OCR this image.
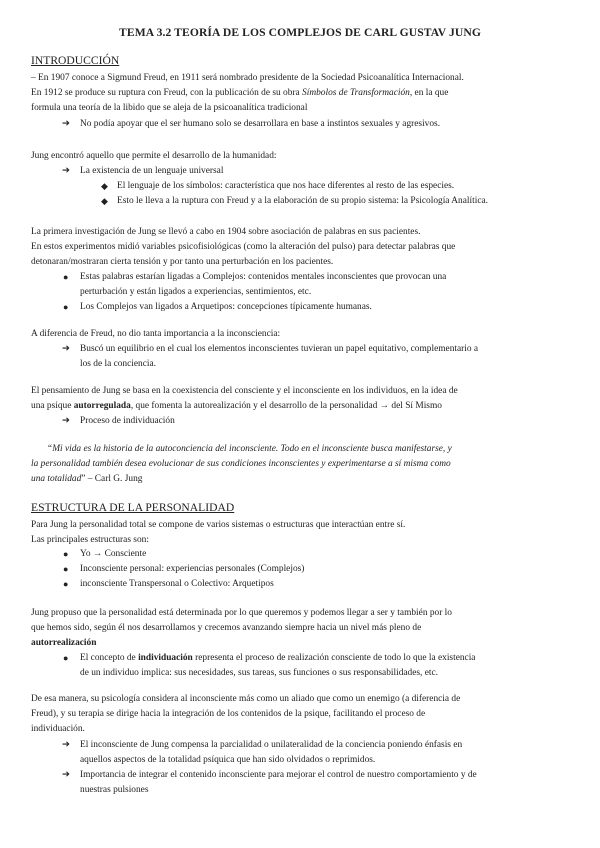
TEMA 3.2 TEORÍA DE LOS COMPLEJOS DE CARL GUSTAV JUNG
INTRODUCCIÓN
– En 1907 conoce a Sigmund Freud, en 1911 será nombrado presidente de la Sociedad Psicoanalítica Internacional.
En 1912 se produce su ruptura con Freud, con la publicación de su obra Símbolos de Transformación, en la que
formula una teoría de la libido que se aleja de la psicoanalítica tradicional
➔ No podía apoyar que el ser humano solo se desarrollara en base a instintos sexuales y agresivos.
Jung encontró aquello que permite el desarrollo de la humanidad:
➔ La existencia de un lenguaje universal
◆ El lenguaje de los símbolos: característica que nos hace diferentes al resto de las especies.
◆ Esto le lleva a la ruptura con Freud y a la elaboración de su propio sistema: la Psicología Analítica.
La primera investigación de Jung se llevó a cabo en 1904 sobre asociación de palabras en sus pacientes.
En estos experimentos midió variables psicofisiológicas (como la alteración del pulso) para detectar palabras que
detonaran/mostraran cierta tensión y por tanto una perturbación en los pacientes.
● Estas palabras estarían ligadas a Complejos: contenidos mentales inconscientes que provocan una
perturbación y están ligados a experiencias, sentimientos, etc.
● Los Complejos van ligados a Arquetipos: concepciones típicamente humanas.
A diferencia de Freud, no dio tanta importancia a la inconsciencia:
➔ Buscó un equilibrio en el cual los elementos inconscientes tuvieran un papel equitativo, complementario a
los de la conciencia.
El pensamiento de Jung se basa en la coexistencia del consciente y el inconsciente en los individuos, en la idea de
una psique autorregulada, que fomenta la autorealización y el desarrollo de la personalidad → del Sí Mismo
➔ Proceso de individuación
“Mi vida es la historia de la autoconciencia del inconsciente. Todo en el inconsciente busca manifestarse, y
la personalidad también desea evolucionar de sus condiciones inconscientes y experimentarse a sí misma como
una totalidad” – Carl G. Jung
ESTRUCTURA DE LA PERSONALIDAD
Para Jung la personalidad total se compone de varios sistemas o estructuras que interactúan entre sí.
Las principales estructuras son:
● Yo → Consciente
● Inconsciente personal: experiencias personales (Complejos)
● inconsciente Transpersonal o Colectivo: Arquetipos
Jung propuso que la personalidad está determinada por lo que queremos y podemos llegar a ser y también por lo
que hemos sido, según él nos desarrollamos y crecemos avanzando siempre hacia un nivel más pleno de
autorrealización
● El concepto de individuación representa el proceso de realización consciente de todo lo que la existencia
de un individuo implica: sus necesidades, sus tareas, sus funciones o sus responsabilidades, etc.
De esa manera, su psicología considera al inconsciente más como un aliado que como un enemigo (a diferencia de
Freud), y su terapia se dirige hacia la integración de los contenidos de la psique, facilitando el proceso de
individuación.
➔ El inconsciente de Jung compensa la parcialidad o unilateralidad de la conciencia poniendo énfasis en
aquellos aspectos de la totalidad psíquica que han sido olvidados o reprimidos.
➔ Importancia de integrar el contenido inconsciente para mejorar el control de nuestro comportamiento y de
nuestras pulsiones
